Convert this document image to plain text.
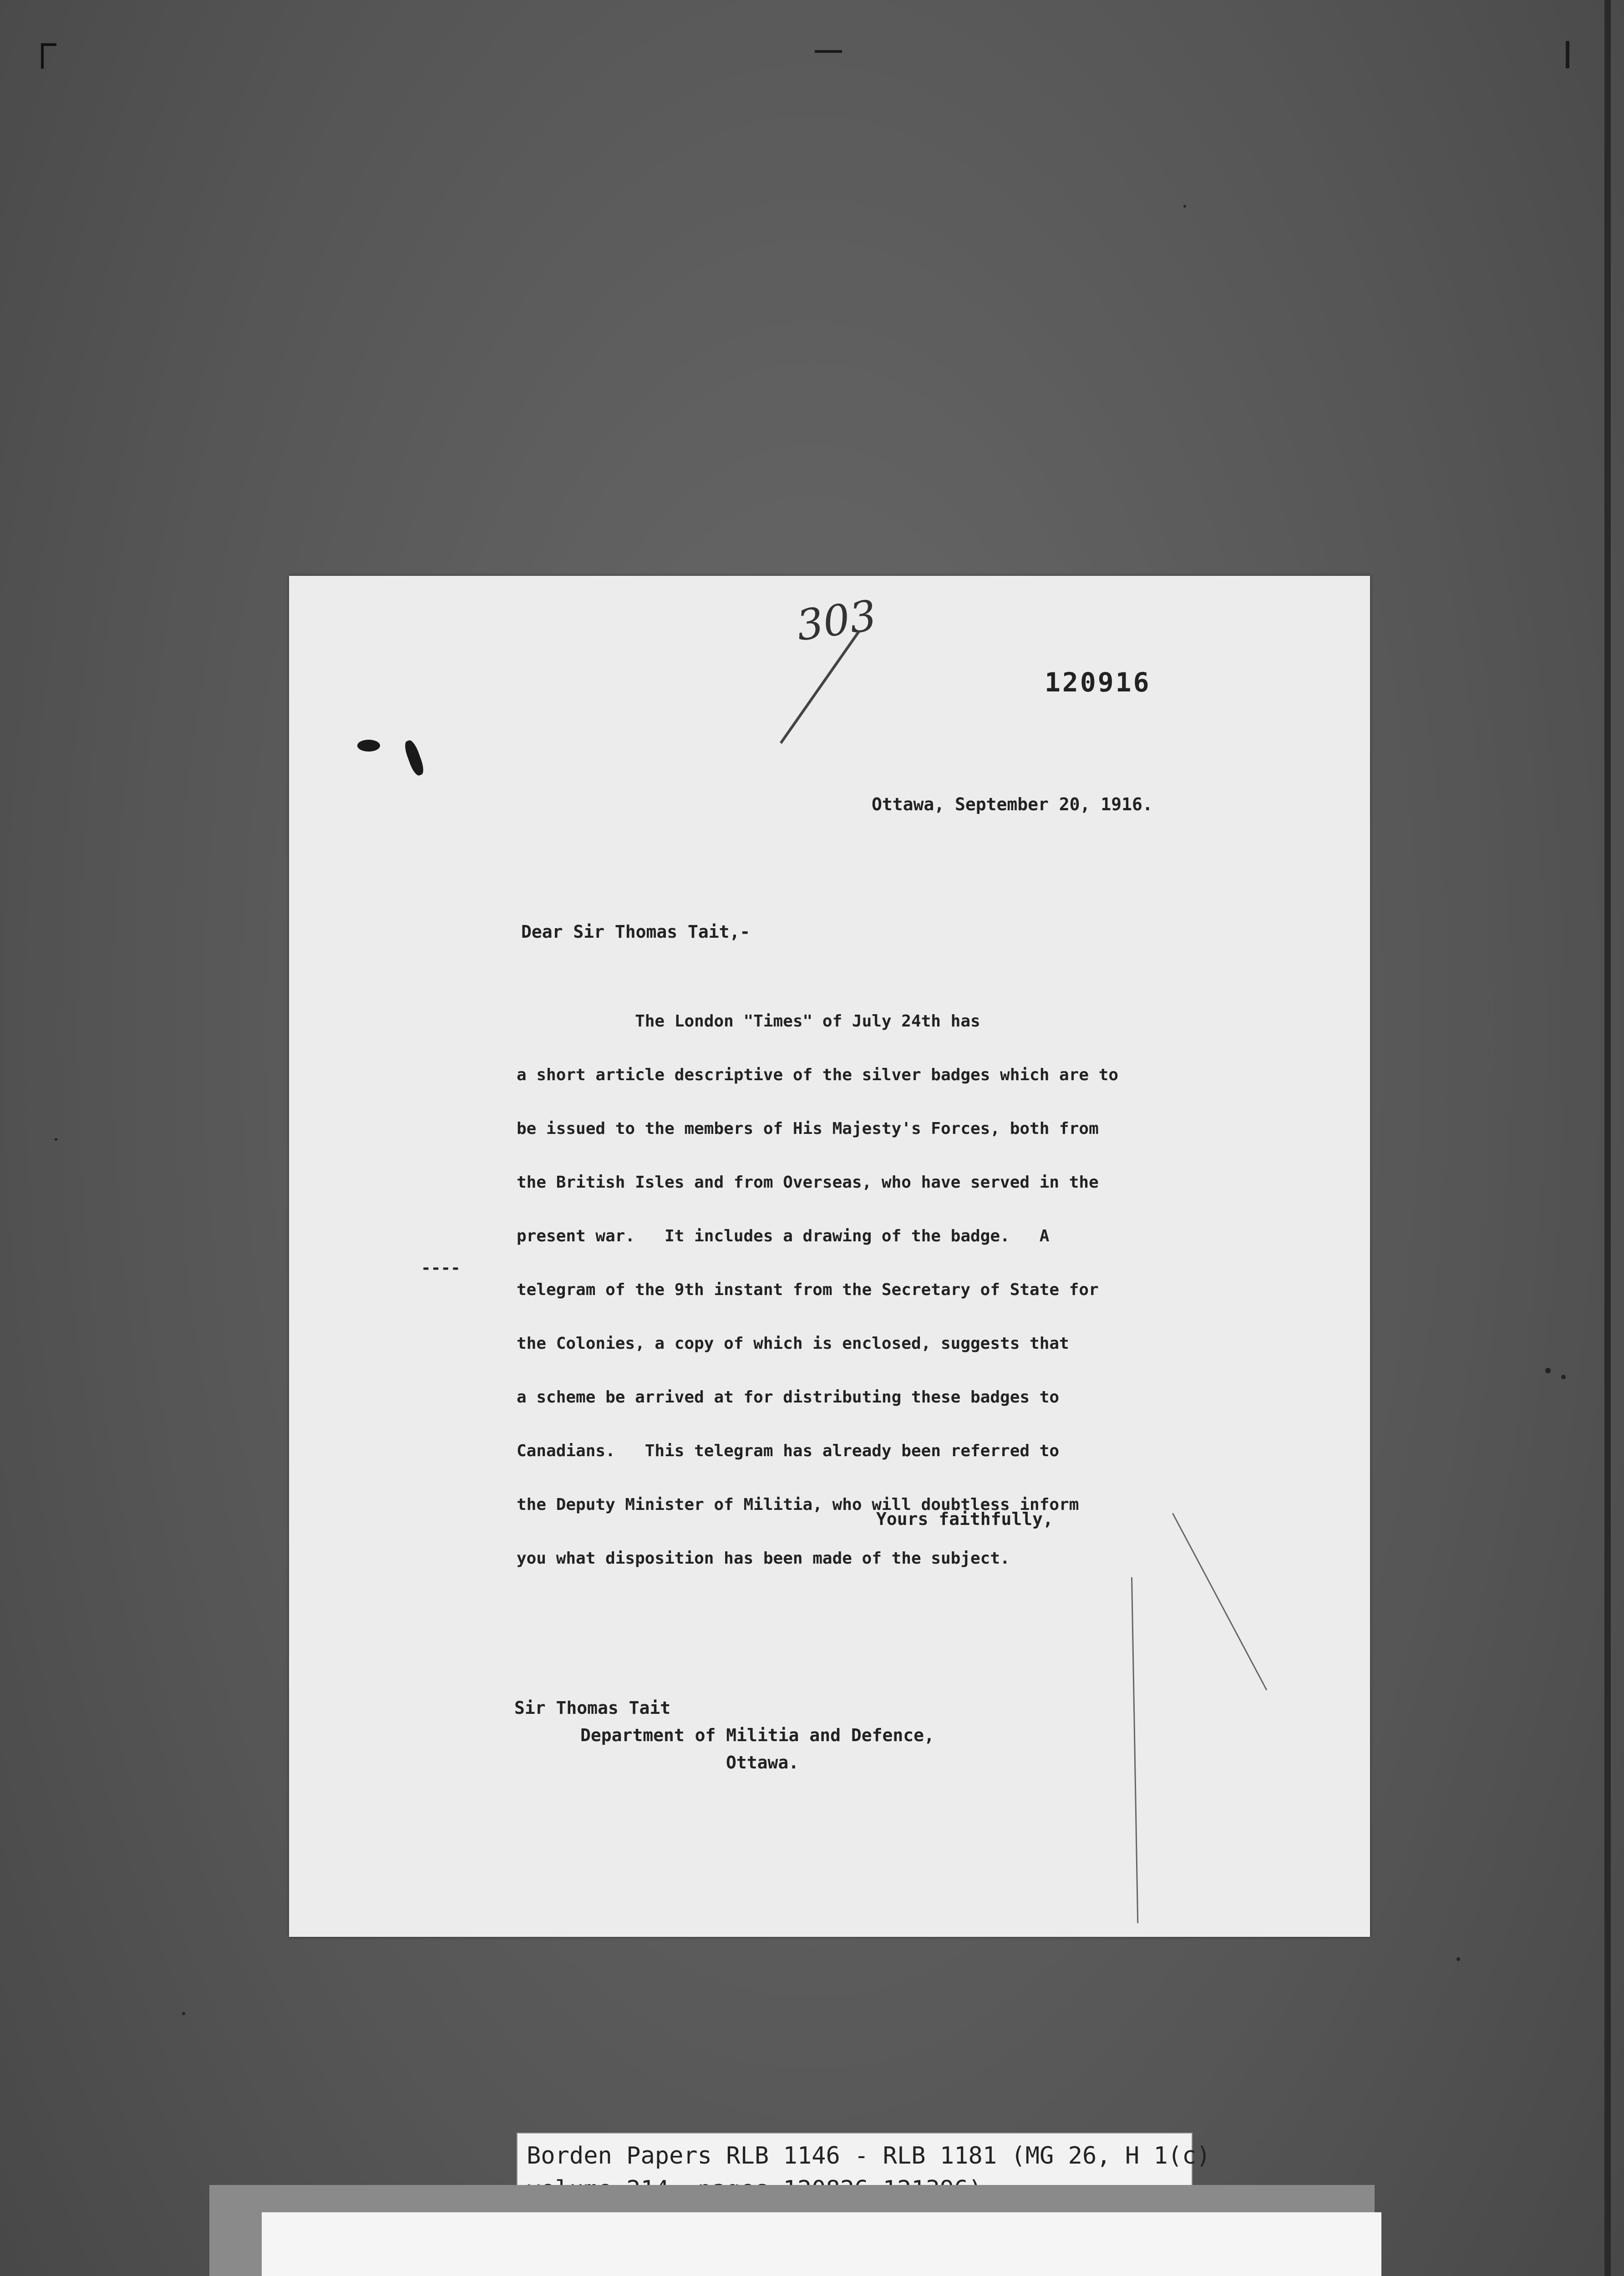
303
120916
Ottawa, September 20, 1916.
Dear Sir Thomas Tait,-
The London "Times" of July 24th has
a short article descriptive of the silver badges which are to
be issued to the members of His Majesty's Forces, both from
the British Isles and from Overseas, who have served in the
present war.   It includes a drawing of the badge.   A
telegram of the 9th instant from the Secretary of State for
the Colonies, a copy of which is enclosed, suggests that
a scheme be arrived at for distributing these badges to
Canadians.   This telegram has already been referred to
the Deputy Minister of Militia, who will doubtless inform
you what disposition has been made of the subject.
----
Yours faithfully,
Sir Thomas Tait
Department of Militia and Defence,
Ottawa.
Borden Papers RLB 1146 - RLB 1181 (MG 26, H 1(c)
